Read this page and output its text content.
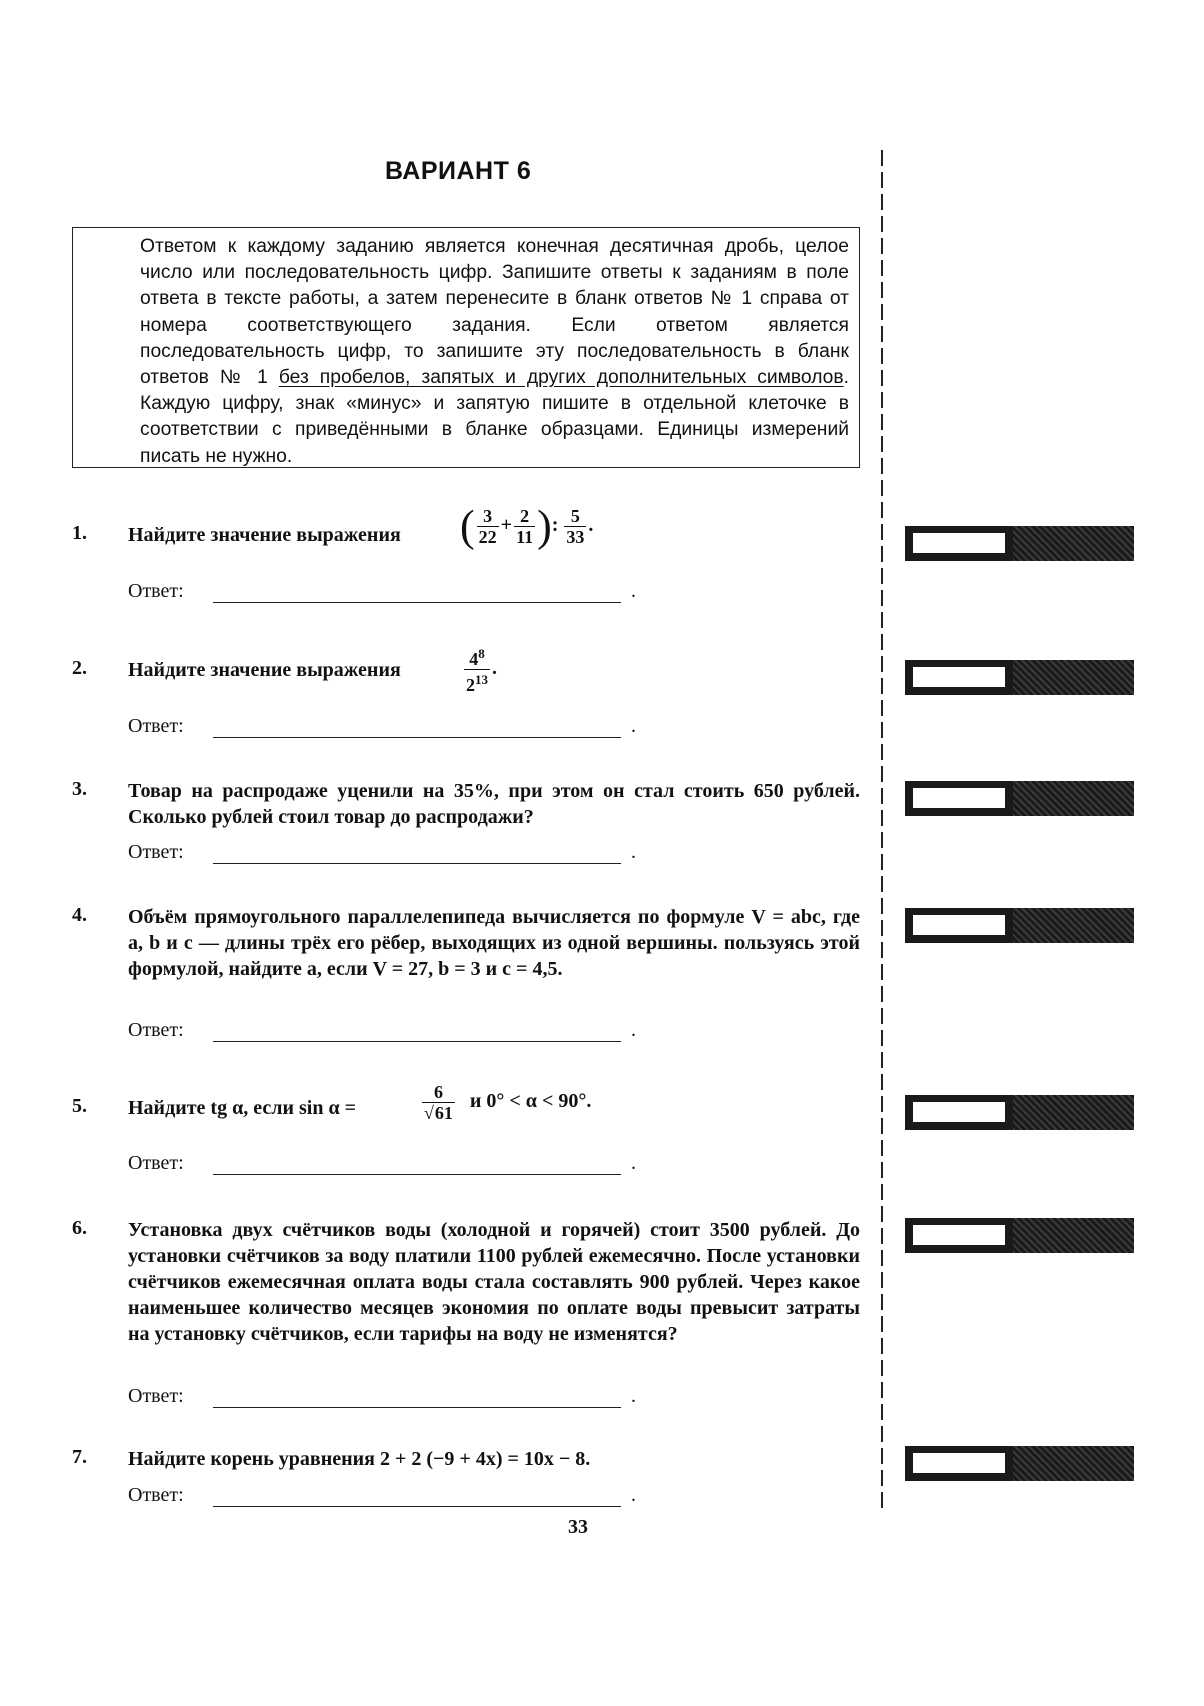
ВАРИАНТ 6

Ответом к каждому заданию является конечная десятичная дробь, целое число или последовательность цифр. Запишите ответы к заданиям в поле ответа в тексте работы, а затем перенесите в бланк ответов № 1 справа от номера соответствующего задания. Если ответом является последовательность цифр, то запишите эту последовательность в бланк ответов № 1 без пробелов, запятых и других дополнительных символов. Каждую цифру, знак «минус» и запятую пишите в отдельной клеточке в соответствии с приведёнными в бланке образцами. Единицы измерений писать не нужно.

1. Найдите значение выражения ( $\frac{3}{22} + \frac{2}{11}$ ): $\frac{5}{33}$ .
Ответ:	.
2. Найдите значение выражения	$\frac{4^8}{2^{13}}$ .
Ответ:	.
3. Товар на распродаже уценили на 35%, при этом он стал стоить 650 рублей. Сколько рублей стоил товар до распродажи?
Ответ:	.
4. Объём прямоугольного параллелепипеда вычисляется по формуле V = abc, где a, b и c — длины трёх его рёбер, выходящих из одной вершины. пользуясь этой формулой, найдите a, если V = 27, b = 3 и c = 4,5.
Ответ:	.
5. Найдите tg α, если sin α =	$\frac{6}{√61}$ и 0° < α < 90°.
Ответ:	.
6. Установка двух счётчиков воды (холодной и горячей) стоит 3500 рублей. До установки счётчиков за воду платили 1100 рублей ежемесячно. После установки счётчиков ежемесячная оплата воды стала составлять 900 рублей. Через какое наименьшее количество месяцев экономия по оплате воды превысит затраты на установку счётчиков, если тарифы на воду не изменятся?
Ответ:	.
7. Найдите корень уравнения 2 + 2 (−9 + 4x) = 10x − 8.
Ответ:	.
33
